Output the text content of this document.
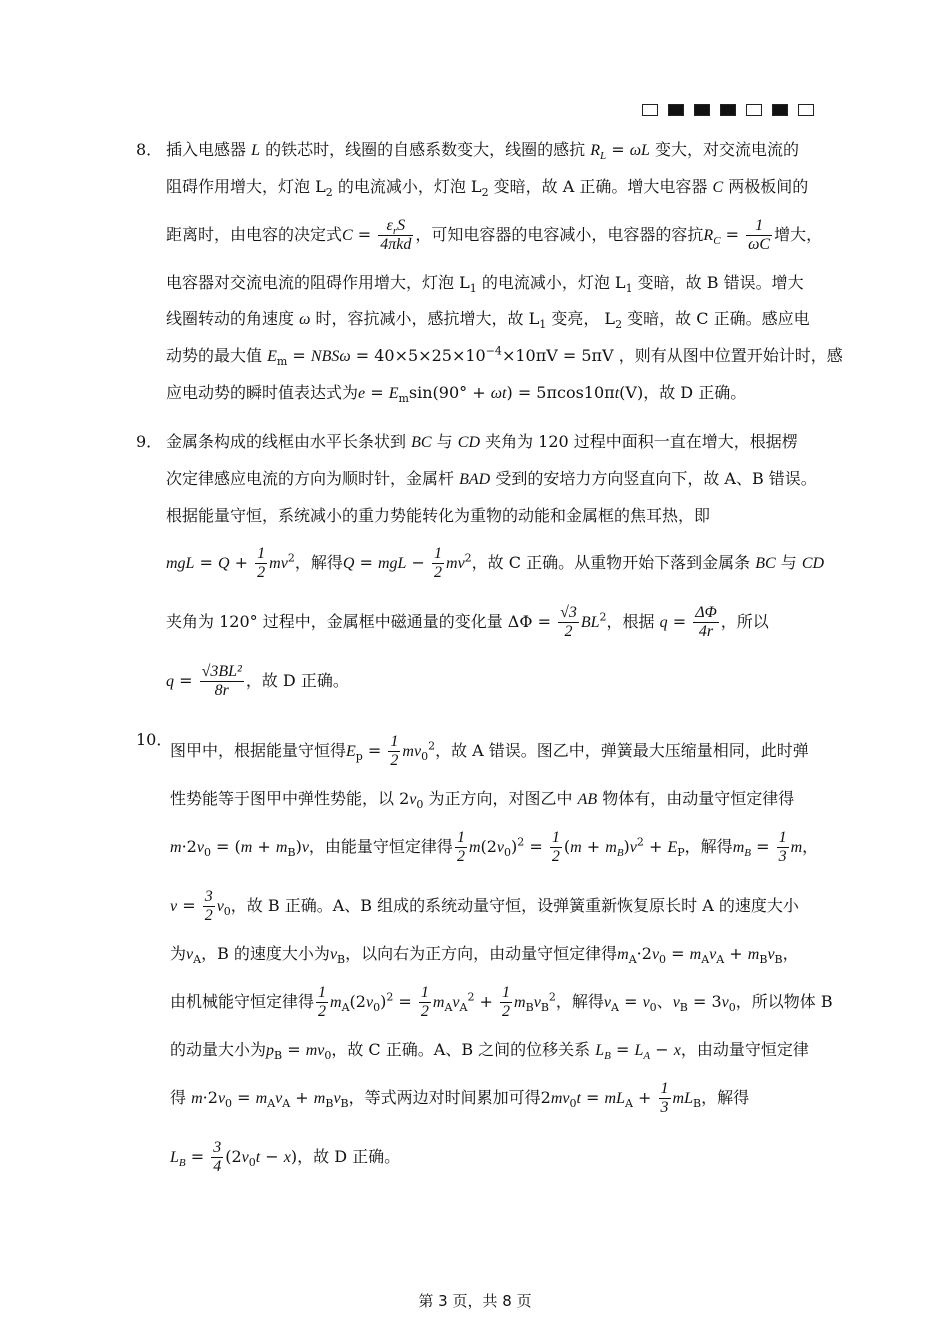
8． 插入电感器 L 的铁芯时，线圈的自感系数变大，线圈的感抗 $R_L = \omega L$ 变大，对交流电流的

阻碍作用增大，灯泡 $L_2$ 的电流减小，灯泡 $L_2$ 变暗，故 A 正确。增大电容器 C 两极板间的

距离时，由电容的决定式$C = \frac{\varepsilon_rS}{\text{4πkd}}$ ，可知电容器的电容减小，电容器的容抗$R_C = \frac{1}{\omega C}$ 增大，

电容器对交流电流的阻碍作用增大，灯泡 $L_1$ 的电流减小，灯泡 $L_1$ 变暗，故 B 错误。增大

线圈转动的角速度 ω 时，容抗减小，感抗增大，故 $L_1$ 变亮， $L_2$ 变暗，故 C 正确。感应电

动势的最大值 $E_m = NBS\omega = 40\times 5\times 25\times 10^{-4}\times 10\pi V = 5\pi V$ ，则有从图中位置开始计时，感

应电动势的瞬时值表达式为$e = E_m\sin(90^\circ + \omega t) = 5\pi\cos 10\pi t(V)$，故 D 正确。

9． 金属条构成的线框由水平长条状到 BC 与 CD 夹角为 120 过程中面积一直在增大，根据楞

次定律感应电流的方向为顺时针，金属杆 BAD 受到的安培力方向竖直向下，故 A、B 错误。

根据能量守恒，系统减小的重力势能转化为重物的动能和金属框的焦耳热，即

mgL = $Q + \frac{1}{2} mv^2$，解得Q = mgL − $\frac{1}{2} mv^2$，故 C 正确。从重物开始下落到金属条 BC 与 CD

夹角为 120° 过程中，金属框中磁通量的变化量 $\Delta\Phi = \frac{√3}{2} BL^2$，根据 $q = \frac{\Delta\Phi}{4r}$ ，所以

$q = \frac{\text{√3BL²}}{8r}$ ，故 D 正确。

10．

图甲中，根据能量守恒得$E_p = \frac{1}{2} mv_0^2$，故 A 错误。图乙中，弹簧最大压缩量相同，此时弹

性势能等于图甲中弹性势能，以 $2v_0$ 为正方向，对图乙中 AB 物体有，由动量守恒定律得

$m\cdot 2v_0 = (m + m_B)v$，由能量守恒定律得 $\frac{1}{2} m(2v_0)^2 = \frac{1}{2} (m + m_B)v^2 + E_P$，解得$m_B = \frac{1}{3}$ m，

$v = \frac{3}{2} v_0$，故 B 正确。A、B 组成的系统动量守恒，设弹簧重新恢复原长时 A 的速度大小

为$v_A$，B 的速度大小为$v_B$，以向右为正方向，由动量守恒定律得$m_A\cdot 2v_0 = m_Av_A + m_Bv_B$，

由机械能守恒定律得 $\frac{1}{2} m_A(2v_0)^2 = \frac{1}{2} m_Av_A^2 + \frac{1}{2} m_Bv_B^2$，解得$v_A = v_0$、$v_B = 3v_0$，所以物体 B

的动量大小为$p_B = mv_0$，故 C 正确。A、B 之间的位移关系 $L_B = L_A - x$，由动量守恒定律

得 $m\cdot 2v_0 = m_Av_A + m_Bv_B$，等式两边对时间累加可得$2mv_0t = mL_A + \frac{1}{3} mL_B$，解得

$L_B = \frac{3}{4} (2v_0t - x)$，故 D 正确。

第 3 页，共 8 页
